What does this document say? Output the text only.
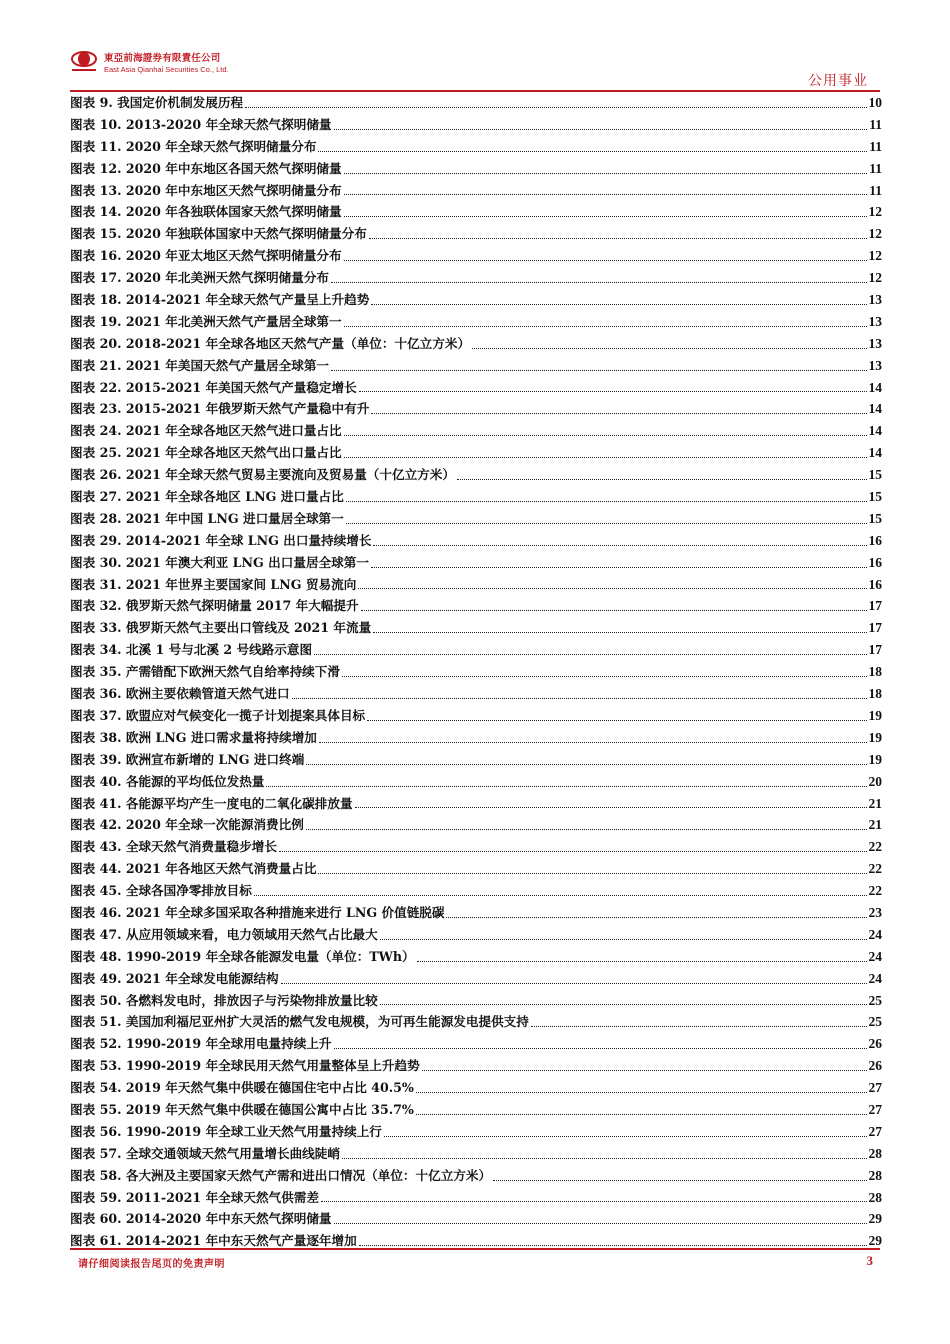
東亞前海證券有限責任公司
East Asia Qianhai Securities Co., Ltd.
公用事业
图表 9. 我国定价机制发展历程	10
图表 10. 2013-2020 年全球天然气探明储量	11
图表 11. 2020 年全球天然气探明储量分布	11
图表 12. 2020 年中东地区各国天然气探明储量	11
图表 13. 2020 年中东地区天然气探明储量分布	11
图表 14. 2020 年各独联体国家天然气探明储量	12
图表 15. 2020 年独联体国家中天然气探明储量分布	12
图表 16. 2020 年亚太地区天然气探明储量分布	12
图表 17. 2020 年北美洲天然气探明储量分布	12
图表 18. 2014-2021 年全球天然气产量呈上升趋势	13
图表 19. 2021 年北美洲天然气产量居全球第一	13
图表 20. 2018-2021 年全球各地区天然气产量（单位：十亿立方米）	13
图表 21. 2021 年美国天然气产量居全球第一	13
图表 22. 2015-2021 年美国天然气产量稳定增长	14
图表 23. 2015-2021 年俄罗斯天然气产量稳中有升	14
图表 24. 2021 年全球各地区天然气进口量占比	14
图表 25. 2021 年全球各地区天然气出口量占比	14
图表 26. 2021 年全球天然气贸易主要流向及贸易量（十亿立方米）	15
图表 27. 2021 年全球各地区 LNG 进口量占比	15
图表 28. 2021 年中国 LNG 进口量居全球第一	15
图表 29. 2014-2021 年全球 LNG 出口量持续增长	16
图表 30. 2021 年澳大利亚 LNG 出口量居全球第一	16
图表 31. 2021 年世界主要国家间 LNG 贸易流向	16
图表 32. 俄罗斯天然气探明储量 2017 年大幅提升	17
图表 33. 俄罗斯天然气主要出口管线及 2021 年流量	17
图表 34. 北溪 1 号与北溪 2 号线路示意图	17
图表 35. 产需错配下欧洲天然气自给率持续下滑	18
图表 36. 欧洲主要依赖管道天然气进口	18
图表 37. 欧盟应对气候变化一揽子计划提案具体目标	19
图表 38. 欧洲 LNG 进口需求量将持续增加	19
图表 39. 欧洲宣布新增的 LNG 进口终端	19
图表 40. 各能源的平均低位发热量	20
图表 41. 各能源平均产生一度电的二氧化碳排放量	21
图表 42. 2020 年全球一次能源消费比例	21
图表 43. 全球天然气消费量稳步增长	22
图表 44. 2021 年各地区天然气消费量占比	22
图表 45. 全球各国净零排放目标	22
图表 46. 2021 年全球多国采取各种措施来进行 LNG 价值链脱碳	23
图表 47. 从应用领域来看，电力领域用天然气占比最大	24
图表 48. 1990-2019 年全球各能源发电量（单位：TWh）	24
图表 49. 2021 年全球发电能源结构	24
图表 50. 各燃料发电时，排放因子与污染物排放量比较	25
图表 51. 美国加利福尼亚州扩大灵活的燃气发电规模，为可再生能源发电提供支持	25
图表 52. 1990-2019 年全球用电量持续上升	26
图表 53. 1990-2019 年全球民用天然气用量整体呈上升趋势	26
图表 54. 2019 年天然气集中供暖在德国住宅中占比 40.5%	27
图表 55. 2019 年天然气集中供暖在德国公寓中占比 35.7%	27
图表 56. 1990-2019 年全球工业天然气用量持续上行	27
图表 57. 全球交通领域天然气用量增长曲线陡峭	28
图表 58. 各大洲及主要国家天然气产需和进出口情况（单位：十亿立方米）	28
图表 59. 2011-2021 年全球天然气供需差	28
图表 60. 2014-2020 年中东天然气探明储量	29
图表 61. 2014-2021 年中东天然气产量逐年增加	29
请仔细阅读报告尾页的免责声明	3
